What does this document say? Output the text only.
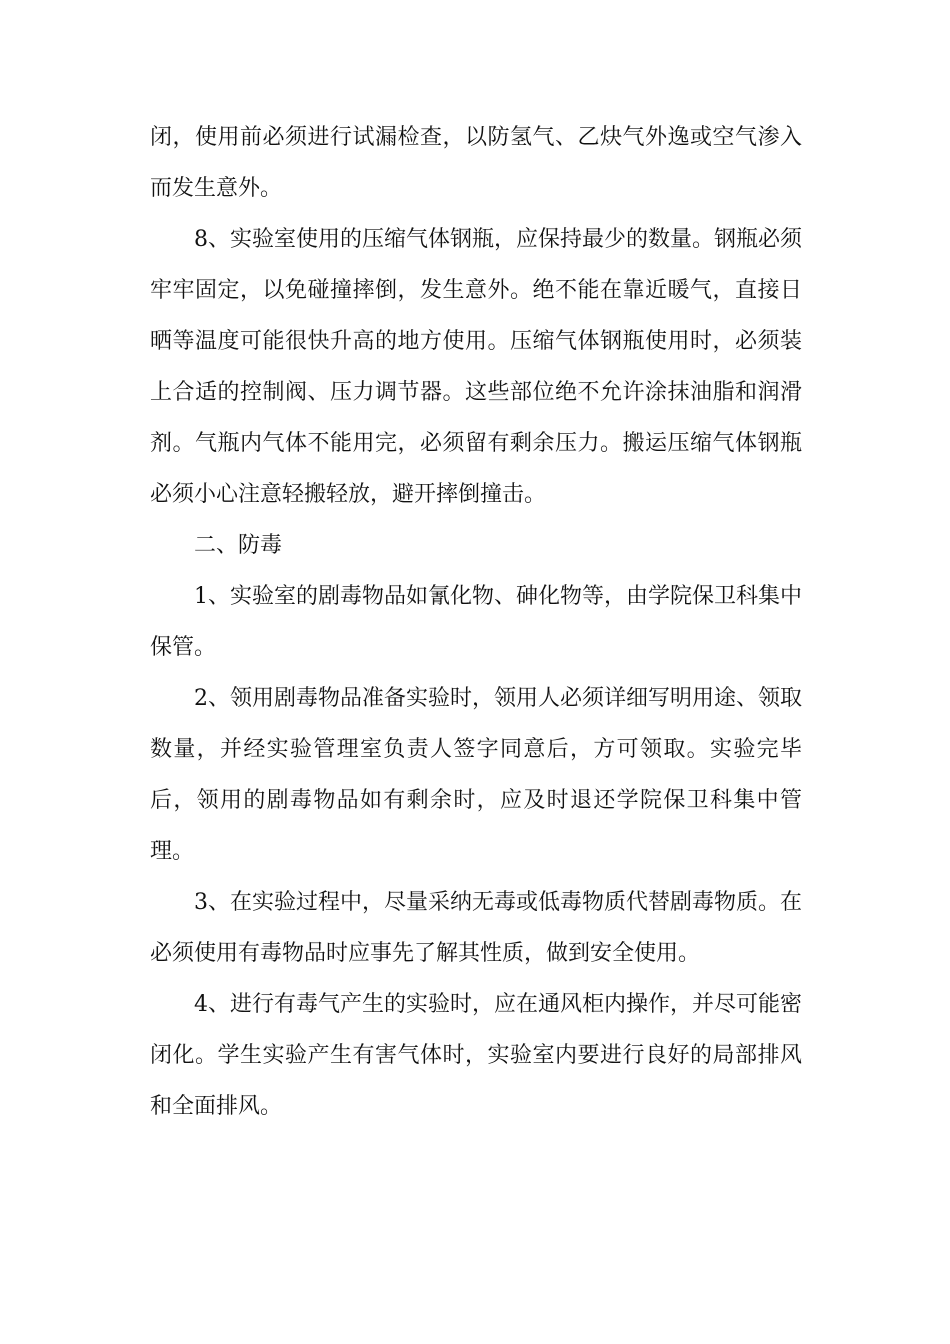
闭，使用前必须进行试漏检查，以防氢气、乙炔气外逸或空气渗入而发生意外。

8、实验室使用的压缩气体钢瓶，应保持最少的数量。钢瓶必须牢牢固定，以免碰撞摔倒，发生意外。绝不能在靠近暖气，直接日晒等温度可能很快升高的地方使用。压缩气体钢瓶使用时，必须装上合适的控制阀、压力调节器。这些部位绝不允许涂抹油脂和润滑剂。气瓶内气体不能用完，必须留有剩余压力。搬运压缩气体钢瓶必须小心注意轻搬轻放，避开摔倒撞击。

二、防毒

1、实验室的剧毒物品如氰化物、砷化物等，由学院保卫科集中保管。

2、领用剧毒物品准备实验时，领用人必须详细写明用途、领取数量，并经实验管理室负责人签字同意后，方可领取。实验完毕后，领用的剧毒物品如有剩余时，应及时退还学院保卫科集中管理。

3、在实验过程中，尽量采纳无毒或低毒物质代替剧毒物质。在必须使用有毒物品时应事先了解其性质，做到安全使用。

4、进行有毒气产生的实验时，应在通风柜内操作，并尽可能密闭化。学生实验产生有害气体时，实验室内要进行良好的局部排风和全面排风。
